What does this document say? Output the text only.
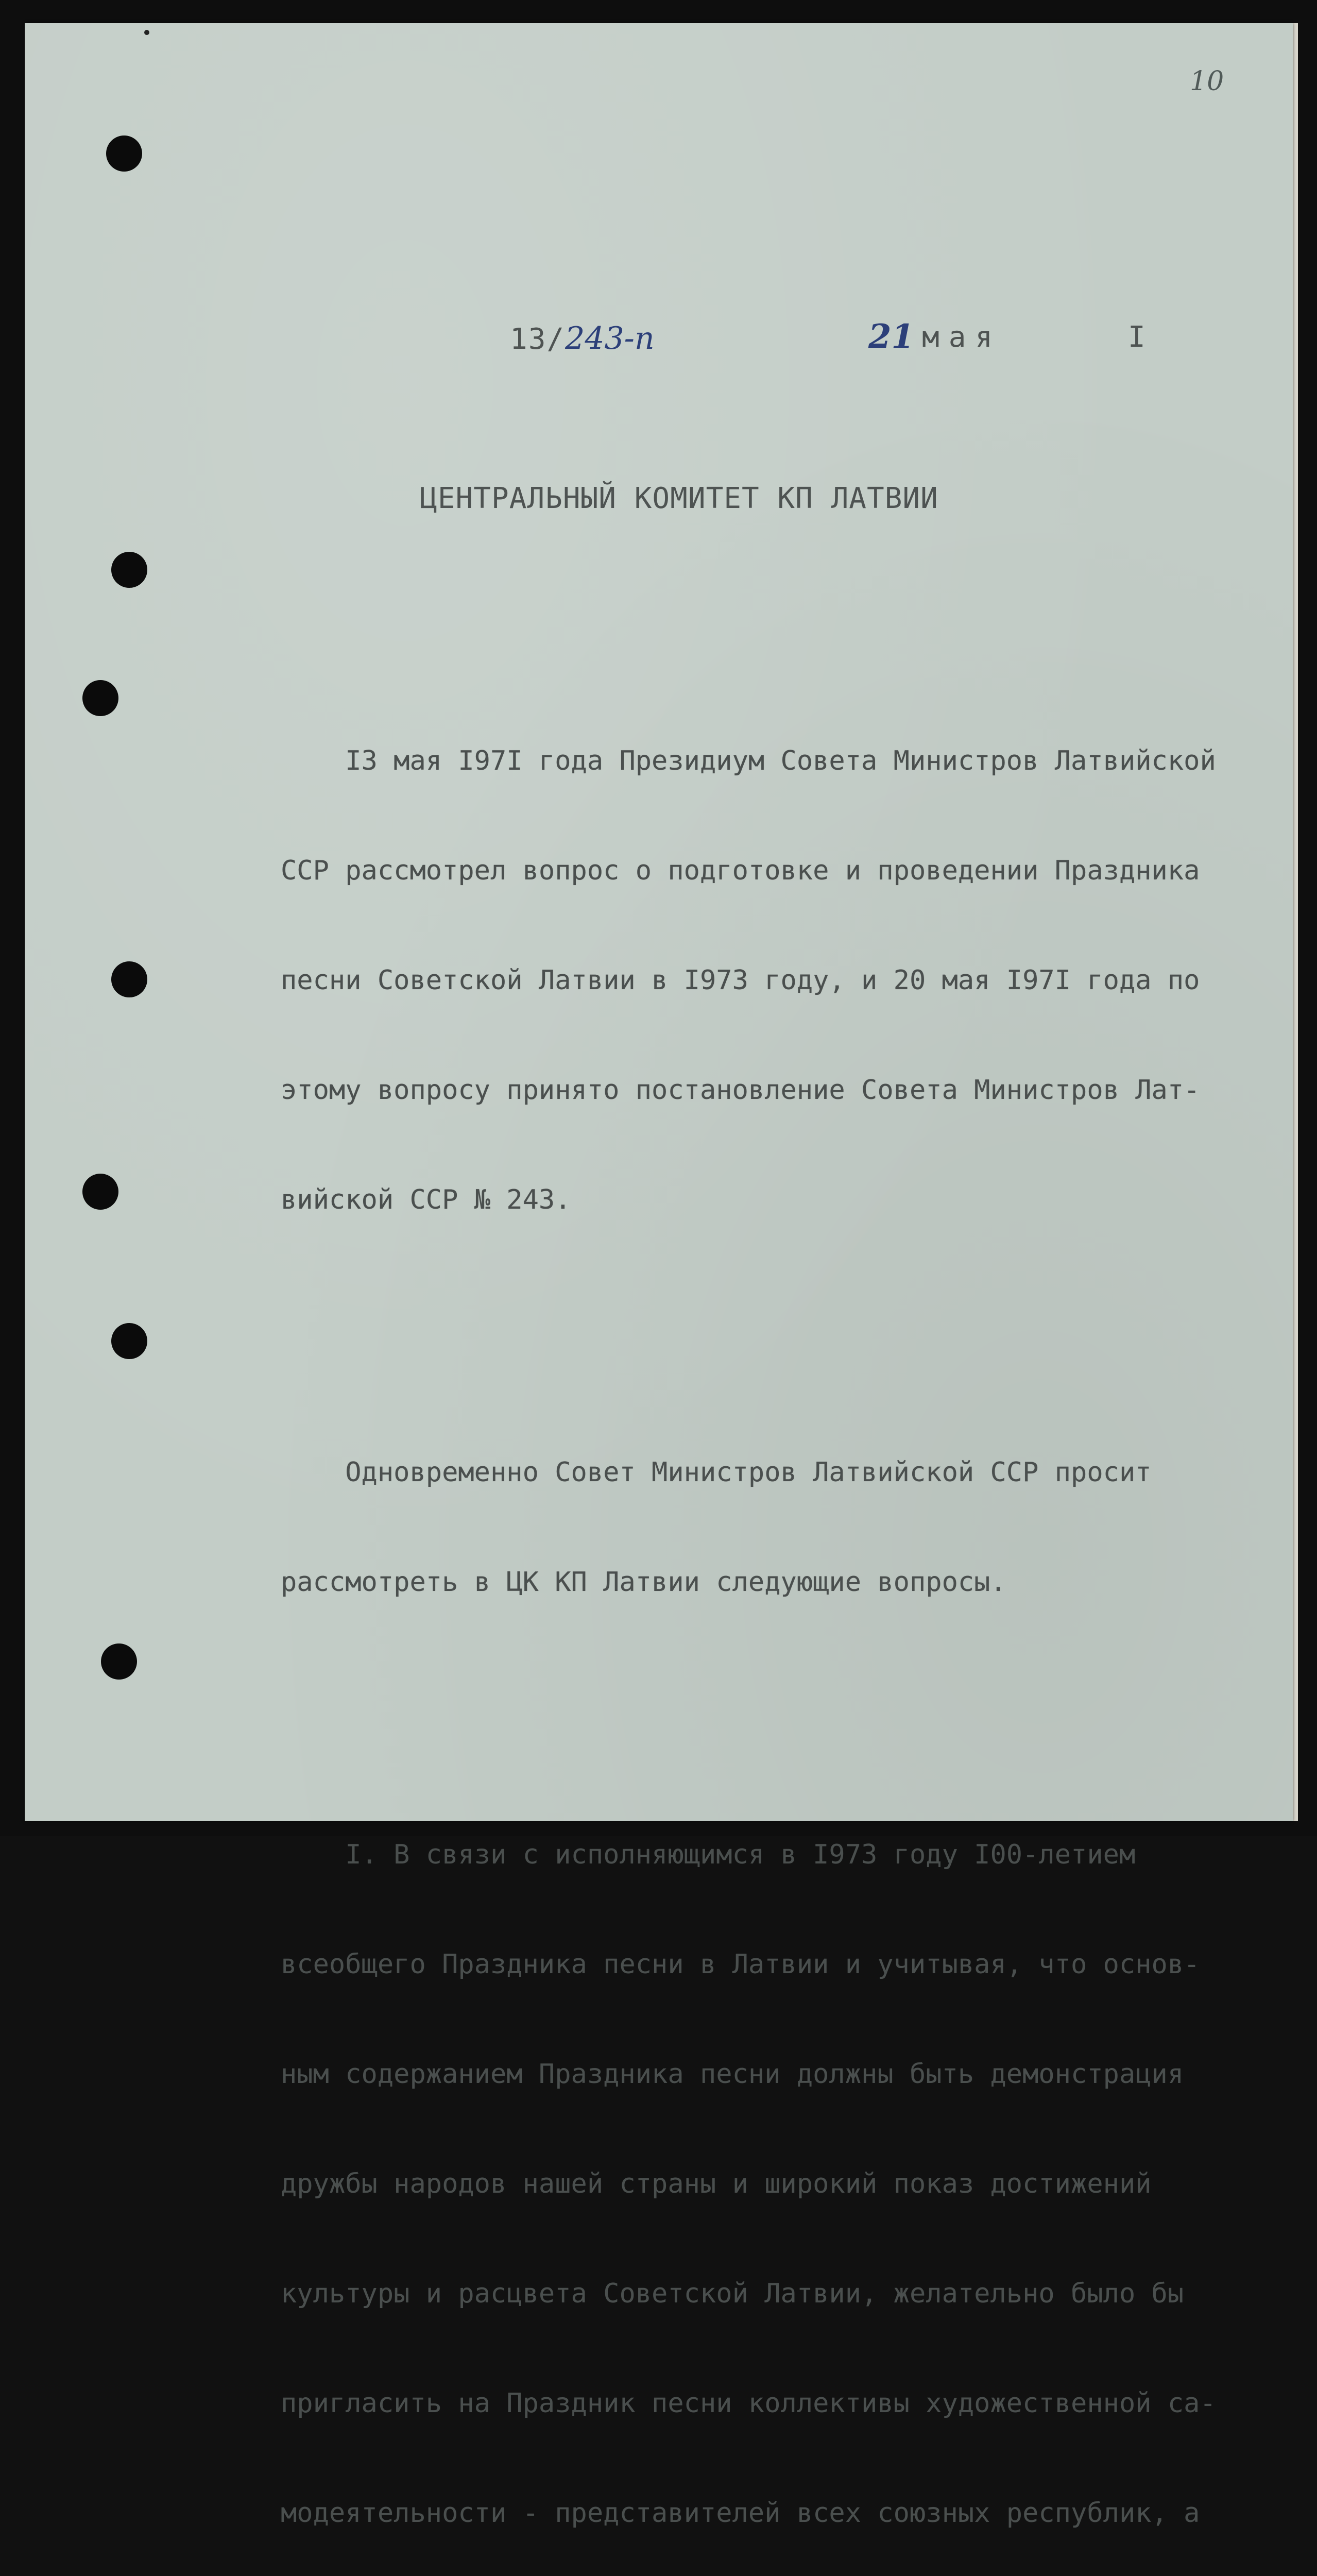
10
13/243-п	21 мая	I
ЦЕНТРАЛЬНЫЙ КОМИТЕТ КП ЛАТВИИ

I3 мая I97I года Президиум Совета Министров Латвийской

ССР рассмотрел вопрос о подготовке и проведении Праздника

песни Советской Латвии в I973 году, и 20 мая I97I года по

этому вопросу принято постановление Совета Министров Лат-

вийской ССР № 243.

Одновременно Совет Министров Латвийской ССР просит

рассмотреть в ЦК КП Латвии следующие вопросы.

I. В связи с исполняющимся в I973 году I00-летием

всеобщего Праздника песни в Латвии и учитывая, что основ-

ным содержанием Праздника песни должны быть демонстрация

дружбы народов нашей страны и широкий показ достижений

культуры и расцвета Советской Латвии, желательно было бы

пригласить на Праздник песни коллективы художественной са-

модеятельности - представителей всех союзных республик, а
